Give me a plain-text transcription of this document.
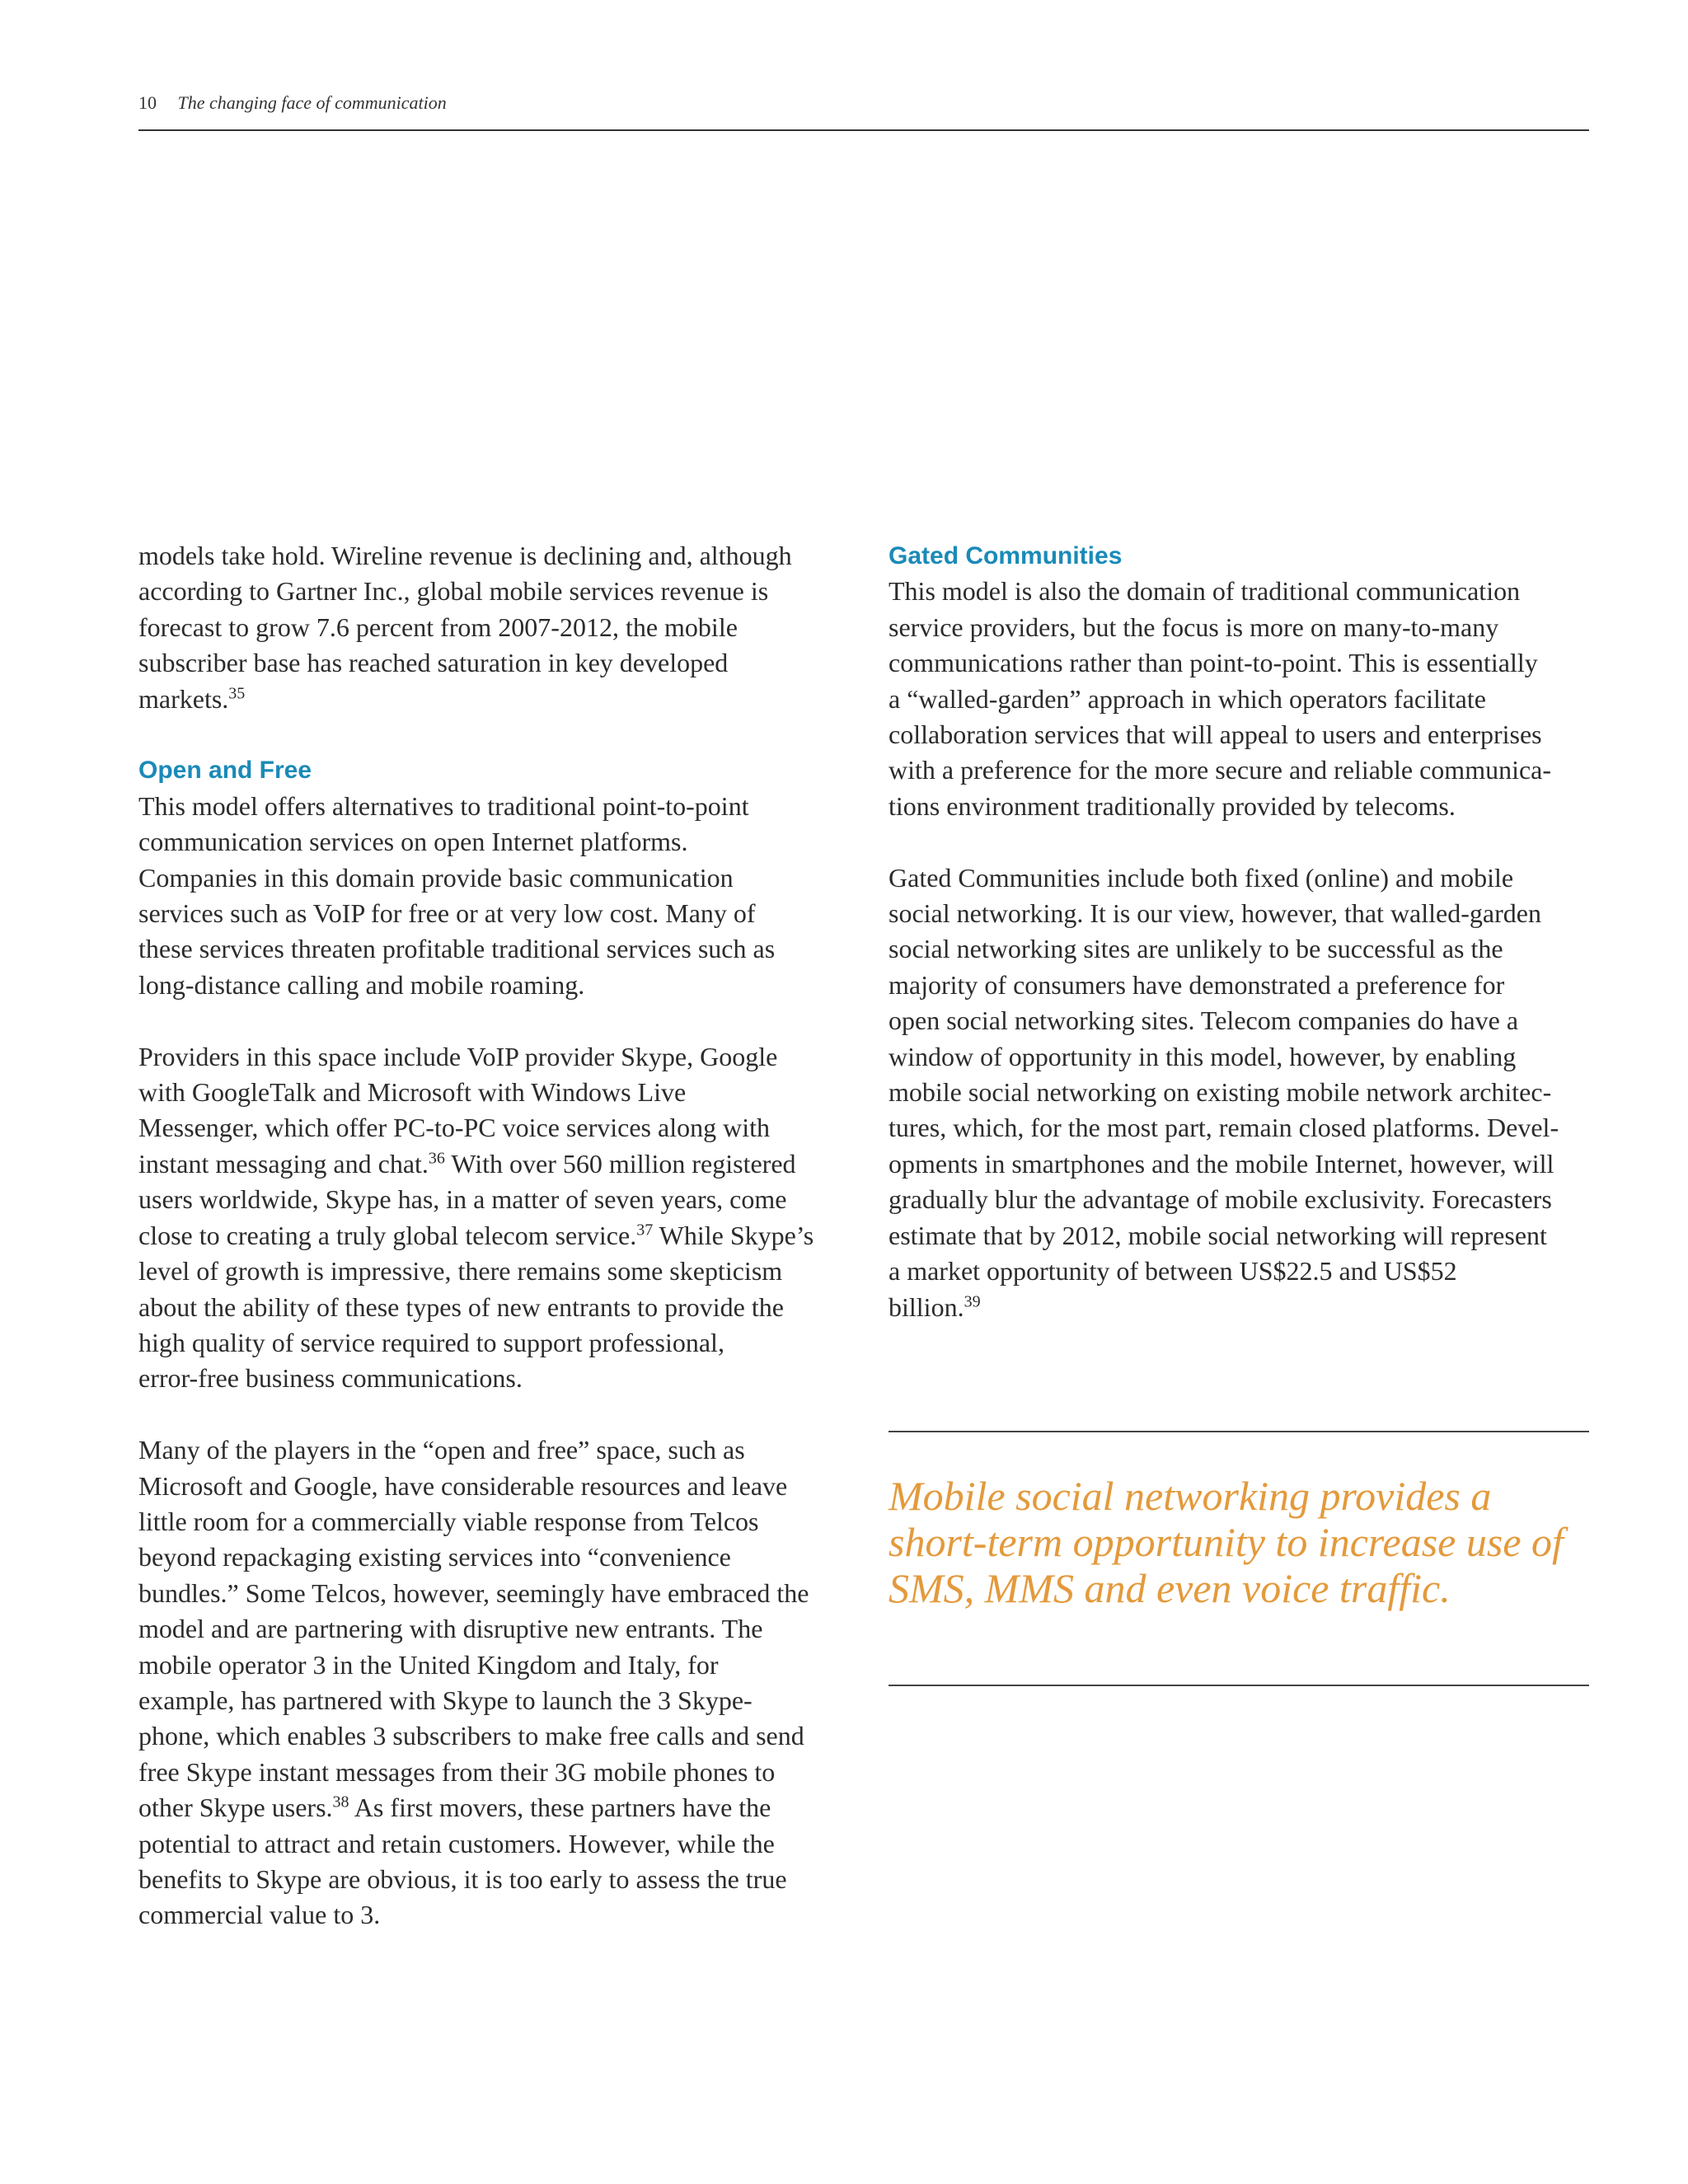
10 The changing face of communication

models take hold. Wireline revenue is declining and, although
according to Gartner Inc., global mobile services revenue is
forecast to grow 7.6 percent from 2007-2012, the mobile
subscriber base has reached saturation in key developed
markets.$^{35}$

Open and Free

This model offers alternatives to traditional point-to-point
communication services on open Internet platforms.
Companies in this domain provide basic communication
services such as VoIP for free or at very low cost. Many of
these services threaten profitable traditional services such as
long-distance calling and mobile roaming.

Providers in this space include VoIP provider Skype, Google
with GoogleTalk and Microsoft with Windows Live
Messenger, which offer PC-to-PC voice services along with
instant messaging and chat.$^{36}$ With over 560 million registered
users worldwide, Skype has, in a matter of seven years, come
close to creating a truly global telecom service.$^{37}$ While Skype’s
level of growth is impressive, there remains some skepticism
about the ability of these types of new entrants to provide the
high quality of service required to support professional,
error-free business communications.

Many of the players in the “open and free” space, such as
Microsoft and Google, have considerable resources and leave
little room for a commercially viable response from Telcos
beyond repackaging existing services into “convenience
bundles.” Some Telcos, however, seemingly have embraced the
model and are partnering with disruptive new entrants. The
mobile operator 3 in the United Kingdom and Italy, for
example, has partnered with Skype to launch the 3 Skype-
phone, which enables 3 subscribers to make free calls and send
free Skype instant messages from their 3G mobile phones to
other Skype users.$^{38}$ As first movers, these partners have the
potential to attract and retain customers. However, while the
benefits to Skype are obvious, it is too early to assess the true
commercial value to 3.

Gated Communities

This model is also the domain of traditional communication
service providers, but the focus is more on many-to-many
communications rather than point-to-point. This is essentially
a “walled-garden” approach in which operators facilitate
collaboration services that will appeal to users and enterprises
with a preference for the more secure and reliable communica-
tions environment traditionally provided by telecoms.

Gated Communities include both fixed (online) and mobile
social networking. It is our view, however, that walled-garden
social networking sites are unlikely to be successful as the
majority of consumers have demonstrated a preference for
open social networking sites. Telecom companies do have a
window of opportunity in this model, however, by enabling
mobile social networking on existing mobile network architec-
tures, which, for the most part, remain closed platforms. Devel-
opments in smartphones and the mobile Internet, however, will
gradually blur the advantage of mobile exclusivity. Forecasters
estimate that by 2012, mobile social networking will represent
a market opportunity of between US$22.5 and US$52
billion.$^{39}$

Mobile social networking provides a
short-term opportunity to increase use of
SMS, MMS and even voice traffic.
